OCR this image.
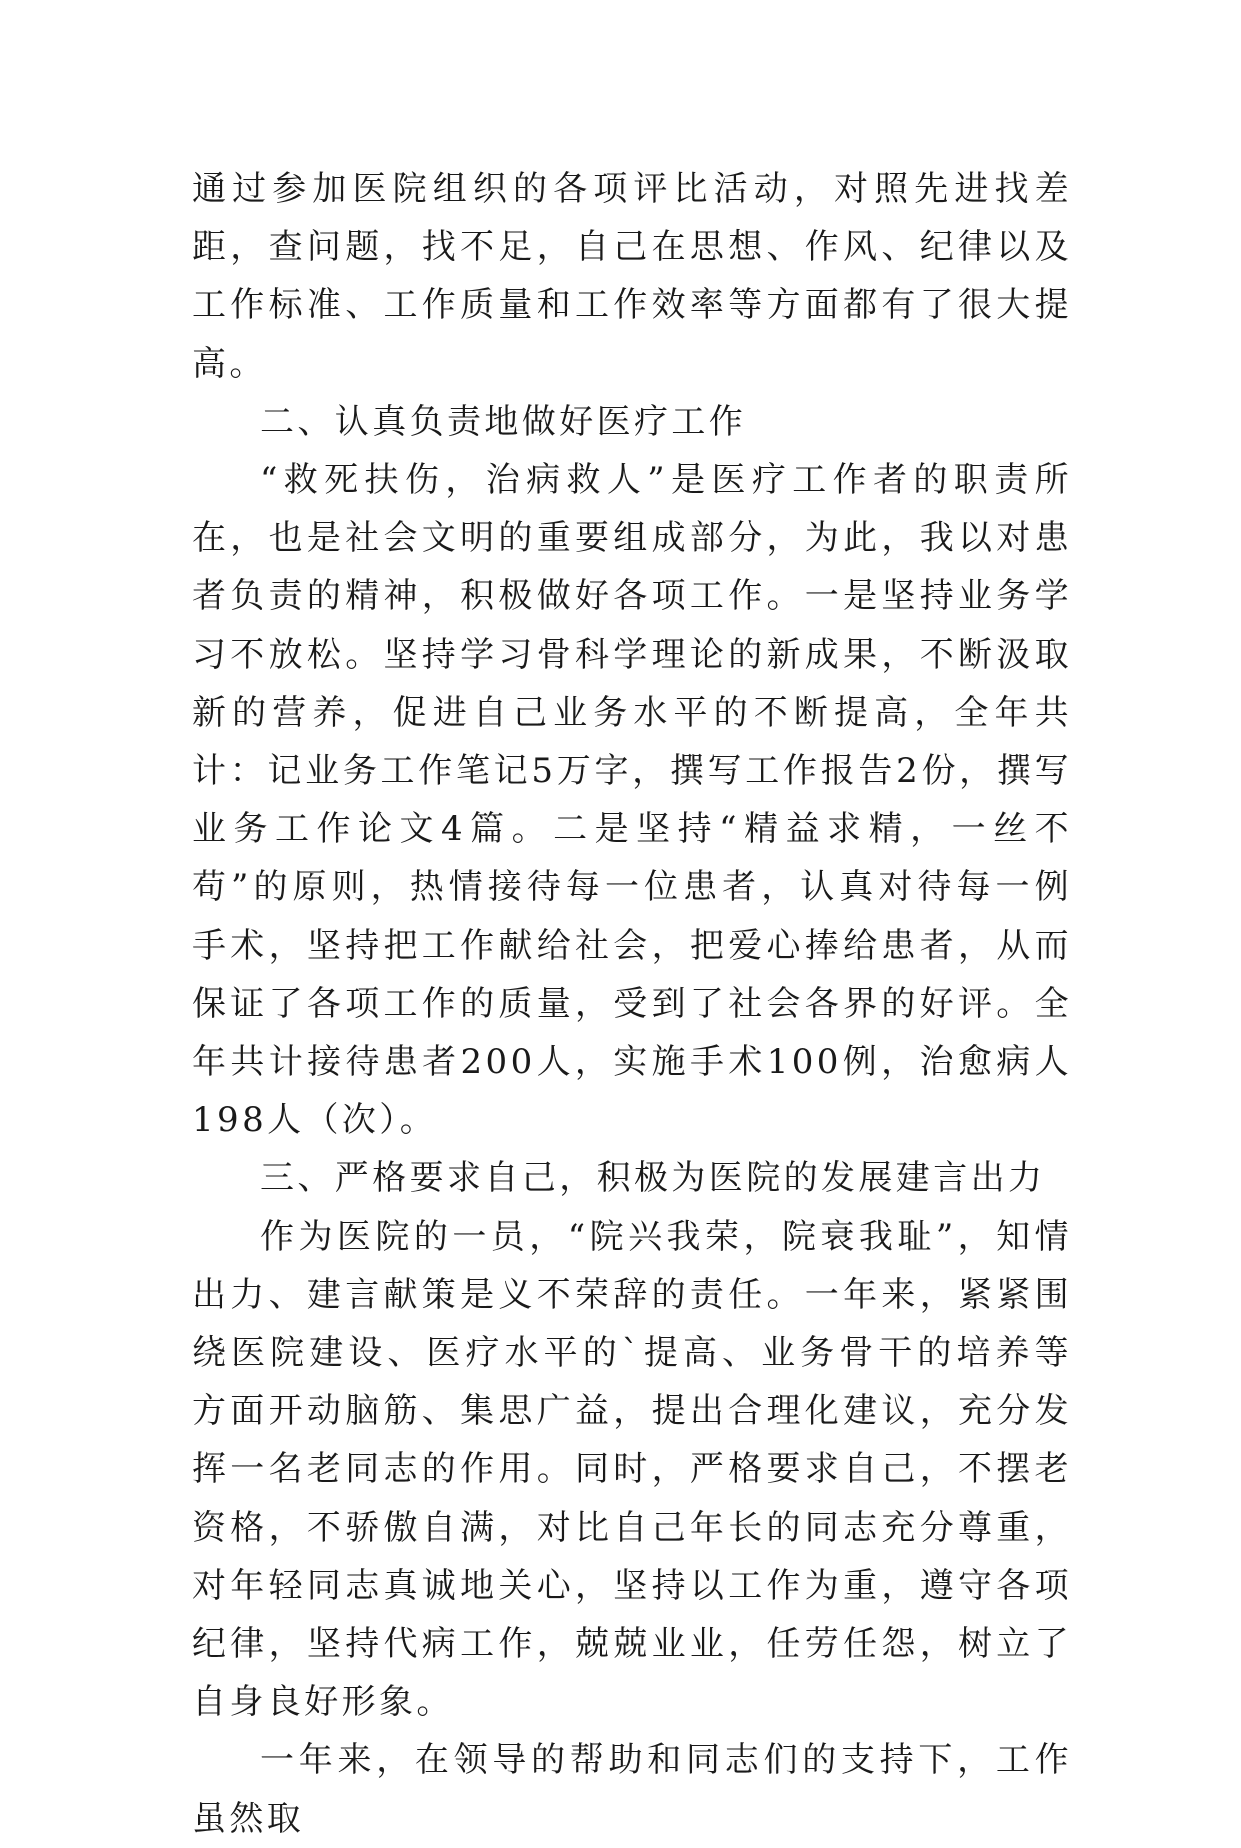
通过参加医院组织的各项评比活动，对照先进找差距，查问题，找不足，自己在思想、作风、纪律以及工作标准、工作质量和工作效率等方面都有了很大提高。

二、认真负责地做好医疗工作

“救死扶伤，治病救人”是医疗工作者的职责所在，也是社会文明的重要组成部分，为此，我以对患者负责的精神，积极做好各项工作。一是坚持业务学习不放松。坚持学习骨科学理论的新成果，不断汲取新的营养，促进自己业务水平的不断提高，全年共计：记业务工作笔记5万字，撰写工作报告2份，撰写业务工作论文4篇。二是坚持“精益求精，一丝不苟”的原则，热情接待每一位患者，认真对待每一例手术，坚持把工作献给社会，把爱心捧给患者，从而保证了各项工作的质量，受到了社会各界的好评。全年共计接待患者200人，实施手术100例，治愈病人198人（次）。

三、严格要求自己，积极为医院的发展建言出力

作为医院的一员，“院兴我荣，院衰我耻”，知情出力、建言献策是义不荣辞的责任。一年来，紧紧围绕医院建设、医疗水平的`提高、业务骨干的培养等方面开动脑筋、集思广益，提出合理化建议，充分发挥一名老同志的作用。同时，严格要求自己，不摆老资格，不骄傲自满，对比自己年长的同志充分尊重，对年轻同志真诚地关心，坚持以工作为重，遵守各项纪律，坚持代病工作，兢兢业业，任劳任怨，树立了自身良好形象。

一年来，在领导的帮助和同志们的支持下，工作虽然取
